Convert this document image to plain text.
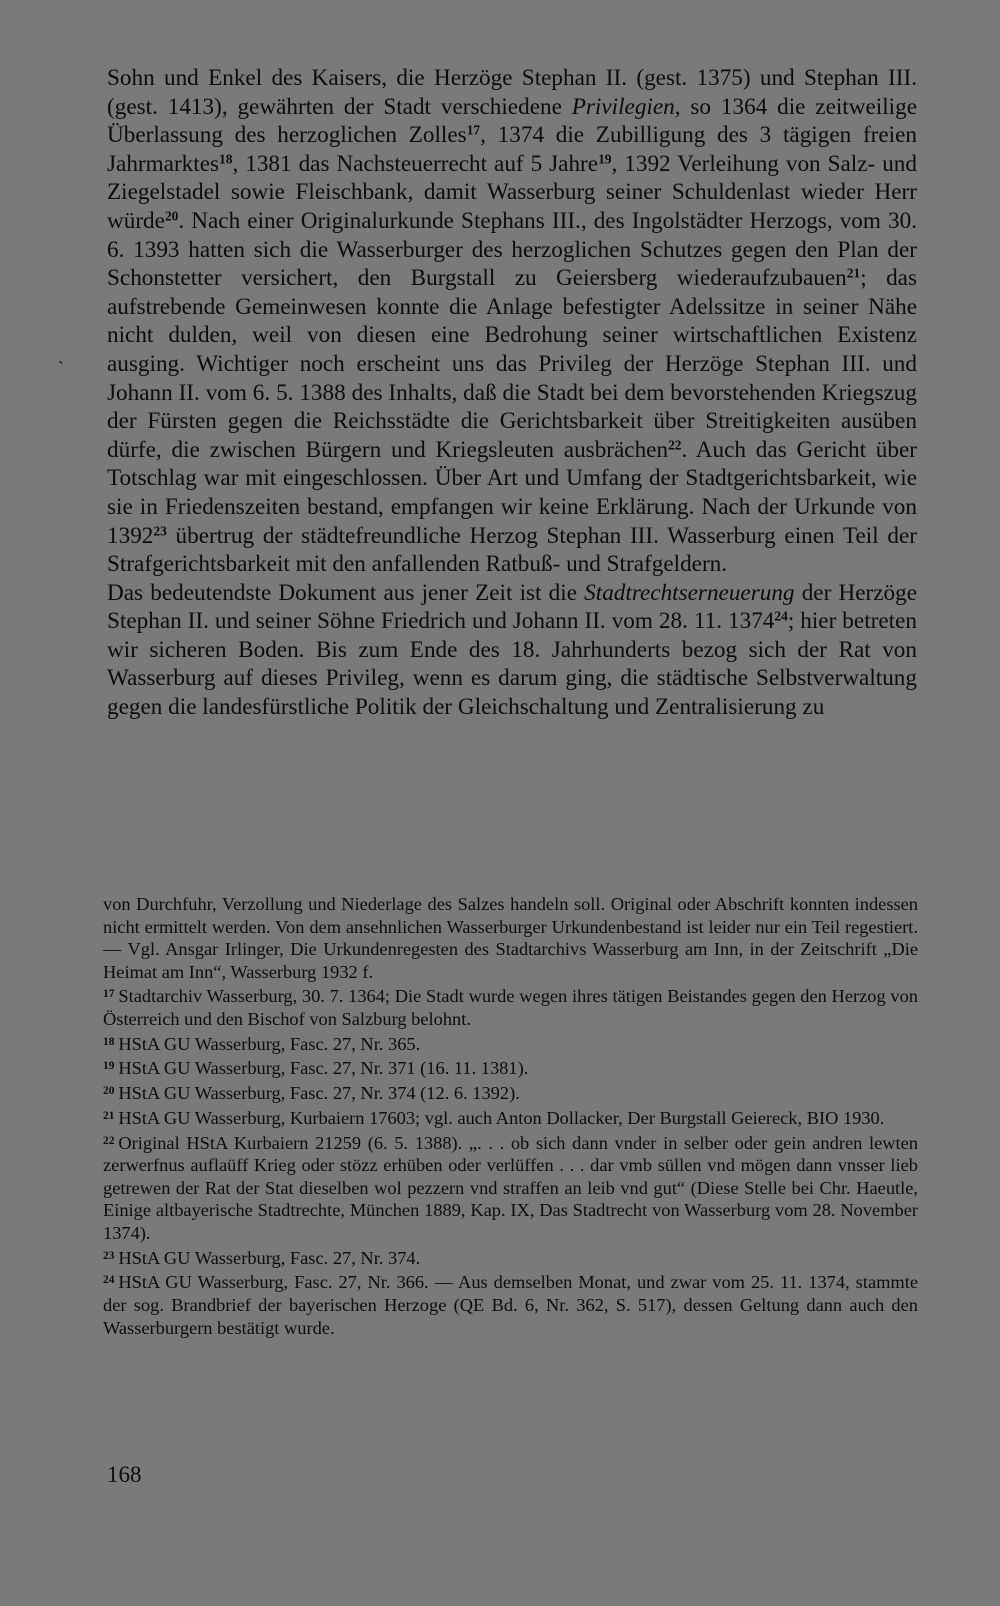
ˋ

Sohn und Enkel des Kaisers, die Herzöge Stephan II. (gest. 1375) und Stephan III. (gest. 1413), gewährten der Stadt verschiedene Privilegien, so 1364 die zeitweilige Überlassung des herzoglichen Zolles$^{17}$, 1374 die Zubilligung des 3 tägigen freien Jahrmarktes$^{18}$, 1381 das Nachsteuerrecht auf 5 Jahre$^{19}$, 1392 Verleihung von Salz- und Ziegelstadel sowie Fleischbank, damit Wasserburg seiner Schuldenlast wieder Herr würde$^{20}$. Nach einer Originalurkunde Stephans III., des Ingolstädter Herzogs, vom 30. 6. 1393 hatten sich die Wasserburger des herzoglichen Schutzes gegen den Plan der Schonstetter versichert, den Burgstall zu Geiersberg wiederaufzubauen$^{21}$; das aufstrebende Gemeinwesen konnte die Anlage befestigter Adelssitze in seiner Nähe nicht dulden, weil von diesen eine Bedrohung seiner wirtschaftlichen Existenz ausging. Wichtiger noch erscheint uns das Privileg der Herzöge Stephan III. und Johann II. vom 6. 5. 1388 des Inhalts, daß die Stadt bei dem bevorstehenden Kriegszug der Fürsten gegen die Reichsstädte die Gerichtsbarkeit über Streitigkeiten ausüben dürfe, die zwischen Bürgern und Kriegsleuten ausbrächen$^{22}$. Auch das Gericht über Totschlag war mit eingeschlossen. Über Art und Umfang der Stadtgerichtsbarkeit, wie sie in Friedenszeiten bestand, empfangen wir keine Erklärung. Nach der Urkunde von 1392$^{23}$ übertrug der städtefreundliche Herzog Stephan III. Wasserburg einen Teil der Strafgerichtsbarkeit mit den anfallenden Ratbuß- und Strafgeldern.

Das bedeutendste Dokument aus jener Zeit ist die Stadtrechtserneuerung der Herzöge Stephan II. und seiner Söhne Friedrich und Johann II. vom 28. 11. 1374$^{24}$; hier betreten wir sicheren Boden. Bis zum Ende des 18. Jahrhunderts bezog sich der Rat von Wasserburg auf dieses Privileg, wenn es darum ging, die städtische Selbstverwaltung gegen die landesfürstliche Politik der Gleichschaltung und Zentralisierung zu

von Durchfuhr, Verzollung und Niederlage des Salzes handeln soll. Original oder Abschrift konnten indessen nicht ermittelt werden. Von dem ansehnlichen Wasserburger Urkundenbestand ist leider nur ein Teil regestiert. — Vgl. Ansgar Irlinger, Die Urkundenregesten des Stadtarchivs Wasserburg am Inn, in der Zeitschrift „Die Heimat am Inn“, Wasserburg 1932 f.

$^{17}$ Stadtarchiv Wasserburg, 30. 7. 1364; Die Stadt wurde wegen ihres tätigen Beistandes gegen den Herzog von Österreich und den Bischof von Salzburg belohnt.

$^{18}$ HStA GU Wasserburg, Fasc. 27, Nr. 365.

$^{19}$ HStA GU Wasserburg, Fasc. 27, Nr. 371 (16. 11. 1381).

$^{20}$ HStA GU Wasserburg, Fasc. 27, Nr. 374 (12. 6. 1392).

$^{21}$ HStA GU Wasserburg, Kurbaiern 17603; vgl. auch Anton Dollacker, Der Burgstall Geiereck, BIO 1930.

$^{22}$ Original HStA Kurbaiern 21259 (6. 5. 1388). „. . . ob sich dann vnder in selber oder gein andren lewten zerwerfnus auflaüff Krieg oder stözz erhüben oder verlüffen . . . dar vmb süllen vnd mögen dann vnsser lieb getrewen der Rat der Stat dieselben wol pezzern vnd straffen an leib vnd gut“ (Diese Stelle bei Chr. Haeutle, Einige altbayerische Stadtrechte, München 1889, Kap. IX, Das Stadtrecht von Wasserburg vom 28. November 1374).

$^{23}$ HStA GU Wasserburg, Fasc. 27, Nr. 374.

$^{24}$ HStA GU Wasserburg, Fasc. 27, Nr. 366. — Aus demselben Monat, und zwar vom 25. 11. 1374, stammte der sog. Brandbrief der bayerischen Herzoge (QE Bd. 6, Nr. 362, S. 517), dessen Geltung dann auch den Wasserburgern bestätigt wurde.

168
